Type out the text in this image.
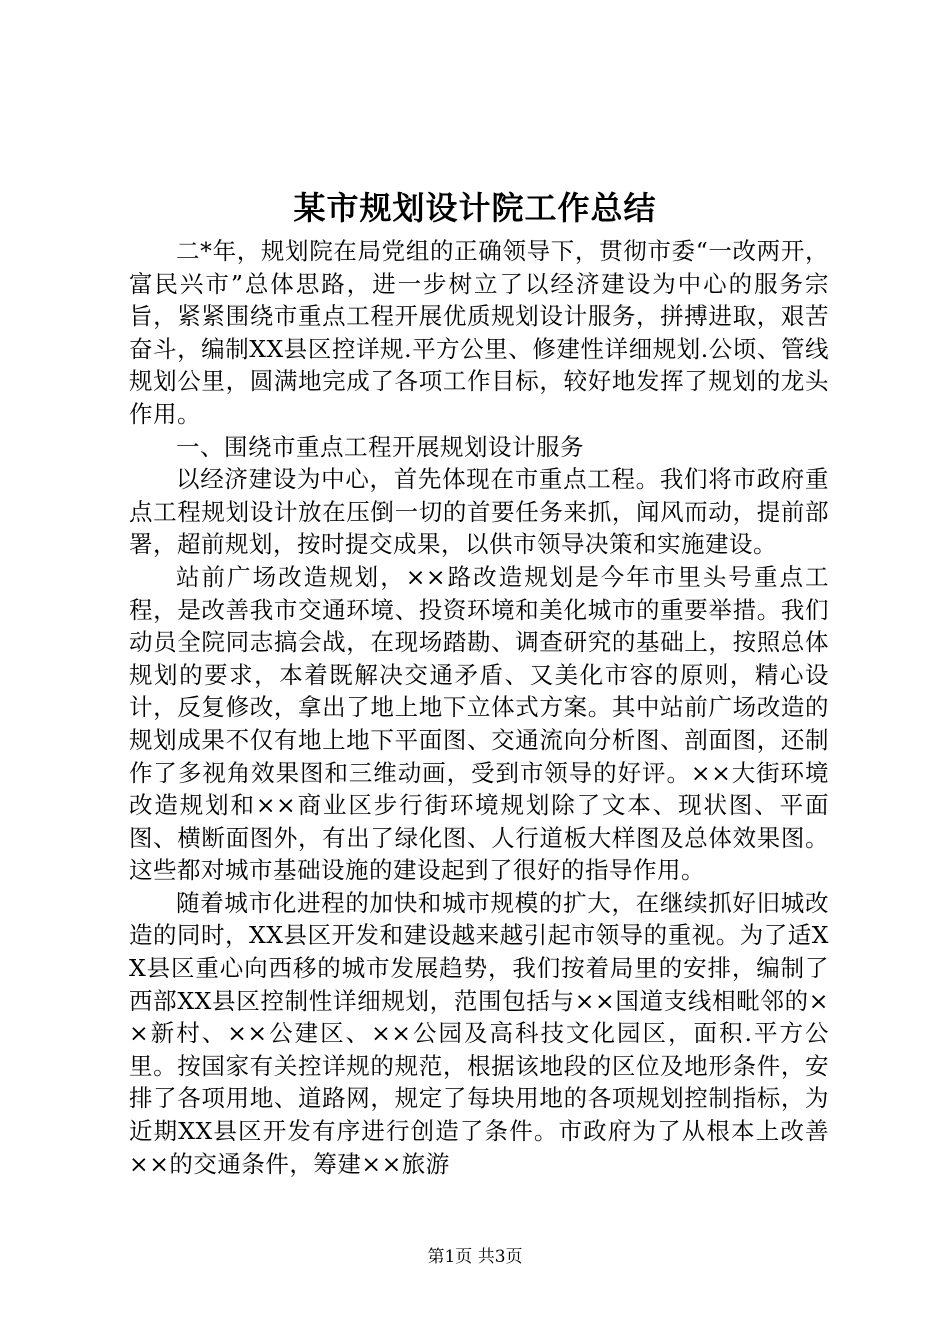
某市规划设计院工作总结

二*年，规划院在局党组的正确领导下，贯彻市委“一改两开，富民兴市”总体思路，进一步树立了以经济建设为中心的服务宗旨，紧紧围绕市重点工程开展优质规划设计服务，拼搏进取，艰苦奋斗，编制XX县区控详规.平方公里、修建性详细规划.公顷、管线规划公里，圆满地完成了各项工作目标，较好地发挥了规划的龙头作用。

一、围绕市重点工程开展规划设计服务

以经济建设为中心，首先体现在市重点工程。我们将市政府重点工程规划设计放在压倒一切的首要任务来抓，闻风而动，提前部署，超前规划，按时提交成果，以供市领导决策和实施建设。

站前广场改造规划，××路改造规划是今年市里头号重点工程，是改善我市交通环境、投资环境和美化城市的重要举措。我们动员全院同志搞会战，在现场踏勘、调查研究的基础上，按照总体规划的要求，本着既解决交通矛盾、又美化市容的原则，精心设计，反复修改，拿出了地上地下立体式方案。其中站前广场改造的规划成果不仅有地上地下平面图、交通流向分析图、剖面图，还制作了多视角效果图和三维动画，受到市领导的好评。××大街环境改造规划和××商业区步行街环境规划除了文本、现状图、平面图、横断面图外，有出了绿化图、人行道板大样图及总体效果图。这些都对城市基础设施的建设起到了很好的指导作用。

随着城市化进程的加快和城市规模的扩大，在继续抓好旧城改造的同时，XX县区开发和建设越来越引起市领导的重视。为了适XX县区重心向西移的城市发展趋势，我们按着局里的安排，编制了西部XX县区控制性详细规划，范围包括与××国道支线相毗邻的××新村、××公建区、××公园及高科技文化园区，面积.平方公里。按国家有关控详规的规范，根据该地段的区位及地形条件，安排了各项用地、道路网，规定了每块用地的各项规划控制指标，为近期XX县区开发有序进行创造了条件。市政府为了从根本上改善××的交通条件，筹建××旅游

第1页 共3页
